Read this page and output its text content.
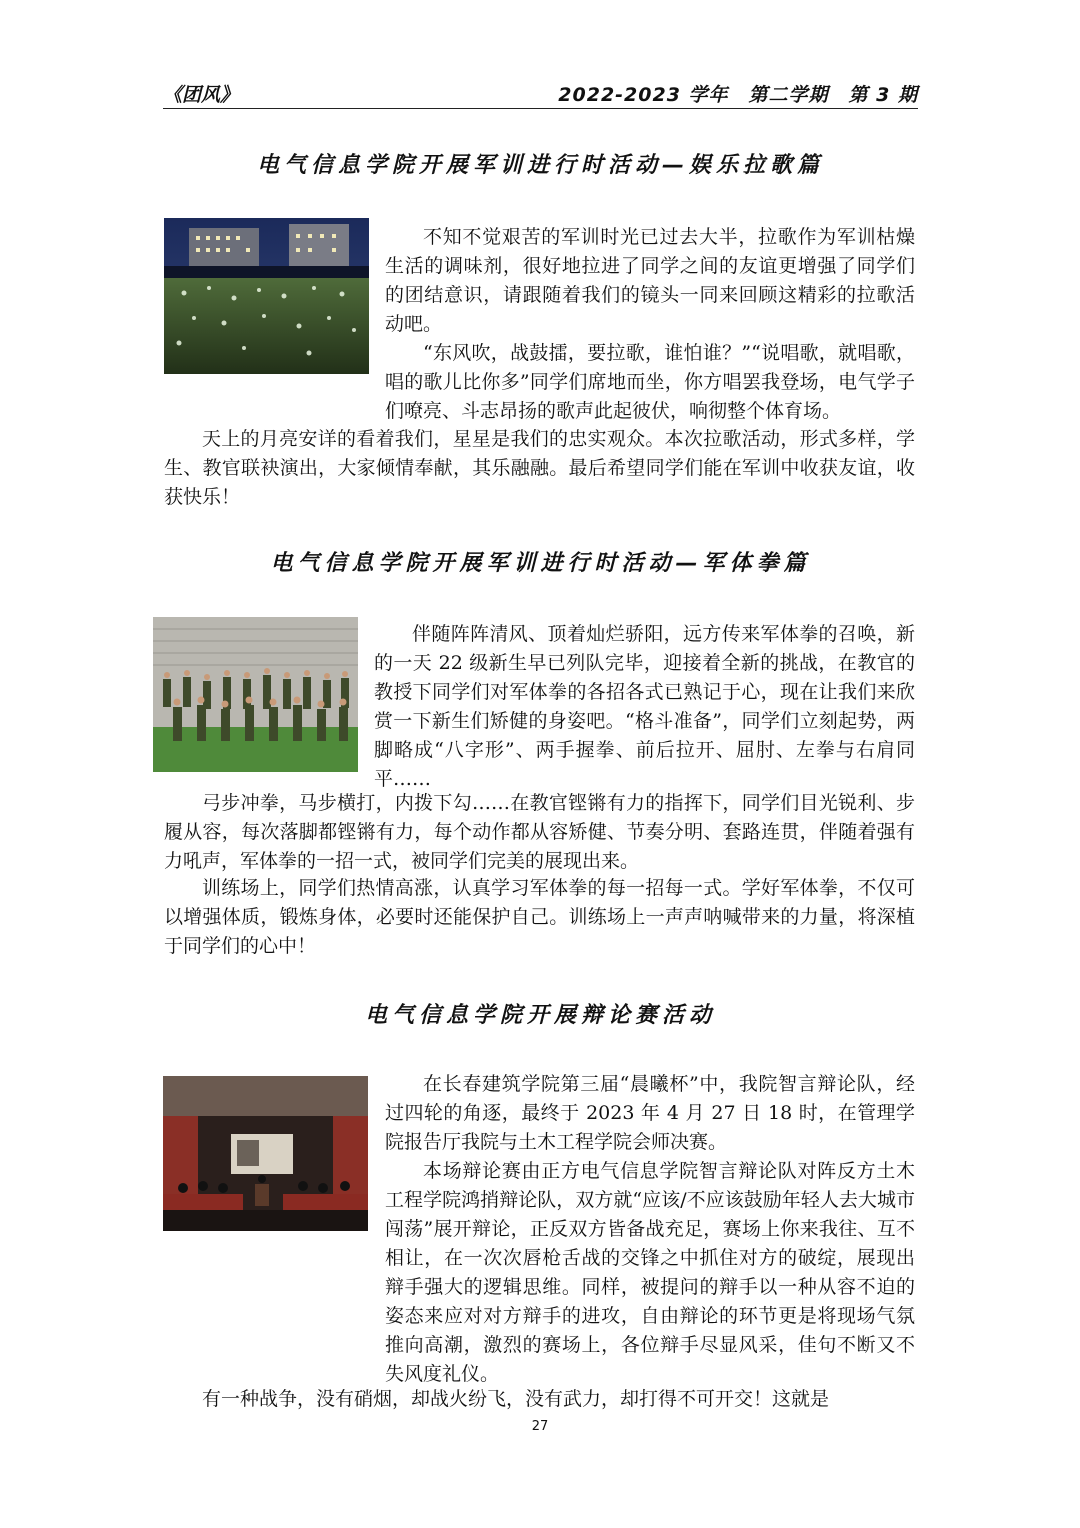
《团风》	2022-2023 学年　第二学期　第 3 期
电气信息学院开展军训进行时活动—娱乐拉歌篇

不知不觉艰苦的军训时光已过去大半，拉歌作为军训枯燥生活的调味剂，很好地拉进了同学之间的友谊更增强了同学们的团结意识，请跟随着我们的镜头一同来回顾这精彩的拉歌活动吧。

“东风吹，战鼓擂，要拉歌，谁怕谁？”“说唱歌，就唱歌，唱的歌儿比你多”同学们席地而坐，你方唱罢我登场，电气学子们嘹亮、斗志昂扬的歌声此起彼伏，响彻整个体育场。

天上的月亮安详的看着我们，星星是我们的忠实观众。本次拉歌活动，形式多样，学生、教官联袂演出，大家倾情奉献，其乐融融。最后希望同学们能在军训中收获友谊，收获快乐！

电气信息学院开展军训进行时活动—军体拳篇

伴随阵阵清风、顶着灿烂骄阳，远方传来军体拳的召唤，新的一天 22 级新生早已列队完毕，迎接着全新的挑战，在教官的教授下同学们对军体拳的各招各式已熟记于心，现在让我们来欣赏一下新生们矫健的身姿吧。“格斗准备”，同学们立刻起势，两脚略成“八字形”、两手握拳、前后拉开、屈肘、左拳与右肩同平……

弓步冲拳，马步横打，内拨下勾……在教官铿锵有力的指挥下，同学们目光锐利、步履从容，每次落脚都铿锵有力，每个动作都从容矫健、节奏分明、套路连贯，伴随着强有力吼声，军体拳的一招一式，被同学们完美的展现出来。

训练场上，同学们热情高涨，认真学习军体拳的每一招每一式。学好军体拳，不仅可以增强体质，锻炼身体，必要时还能保护自己。训练场上一声声呐喊带来的力量，将深植于同学们的心中！

电气信息学院开展辩论赛活动

在长春建筑学院第三届“晨曦杯”中，我院智言辩论队，经过四轮的角逐，最终于 2023 年 4 月 27 日 18 时，在管理学院报告厅我院与土木工程学院会师决赛。

本场辩论赛由正方电气信息学院智言辩论队对阵反方土木工程学院鸿捎辩论队，双方就“应该/不应该鼓励年轻人去大城市闯荡”展开辩论，正反双方皆备战充足，赛场上你来我往、互不相让，在一次次唇枪舌战的交锋之中抓住对方的破绽，展现出辩手强大的逻辑思维。同样，被提问的辩手以一种从容不迫的姿态来应对对方辩手的进攻，自由辩论的环节更是将现场气氛推向高潮，激烈的赛场上，各位辩手尽显风采，佳句不断又不失风度礼仪。

有一种战争，没有硝烟，却战火纷飞，没有武力，却打得不可开交！这就是

27
